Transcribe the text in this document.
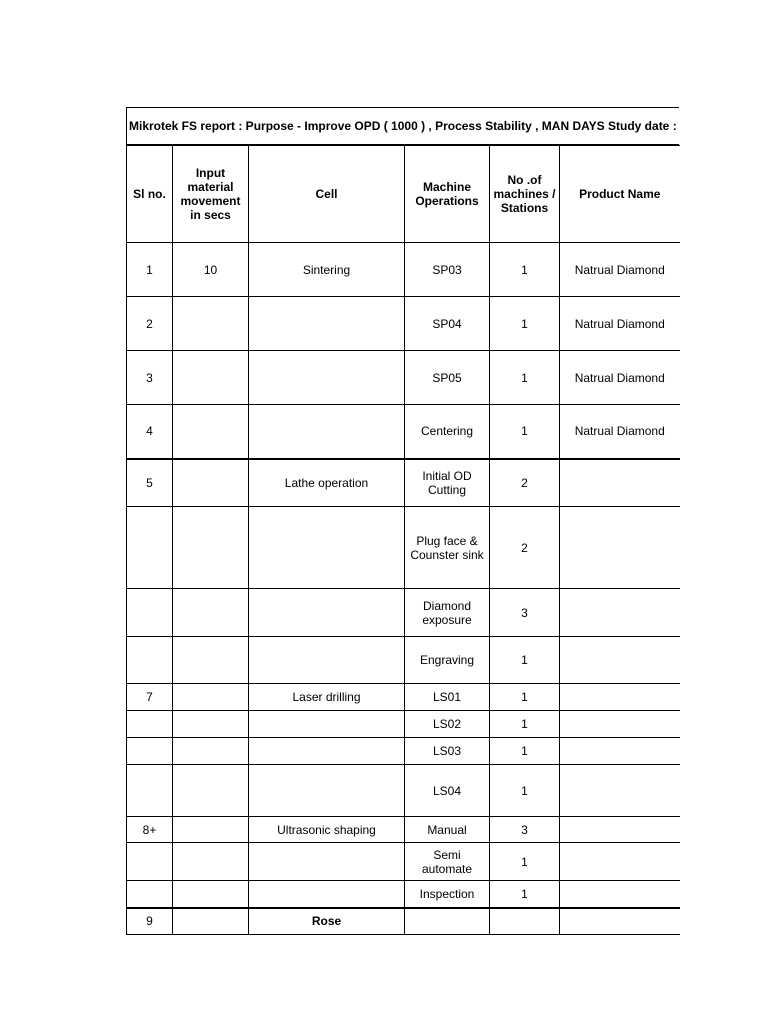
Mikrotek FS report : Purpose - Improve OPD ( 1000 ) , Process Stability , MAN DAYS Study date :
Sl no.	Input material movement in secs	Cell	Machine Operations	No .of machines / Stations	Product Name
1	10	Sintering	SP03	1	Natrual Diamond
2			SP04	1	Natrual Diamond
3			SP05	1	Natrual Diamond
4			Centering	1	Natrual Diamond
5		Lathe operation	Initial OD Cutting	2	
			Plug face & Counster sink	2	
			Diamond exposure	3	
			Engraving	1	
7		Laser drilling	LS01	1	
			LS02	1	
			LS03	1	
			LS04	1	
8+		Ultrasonic shaping	Manual	3	
			Semi automate	1	
			Inspection	1	
9		Rose			
